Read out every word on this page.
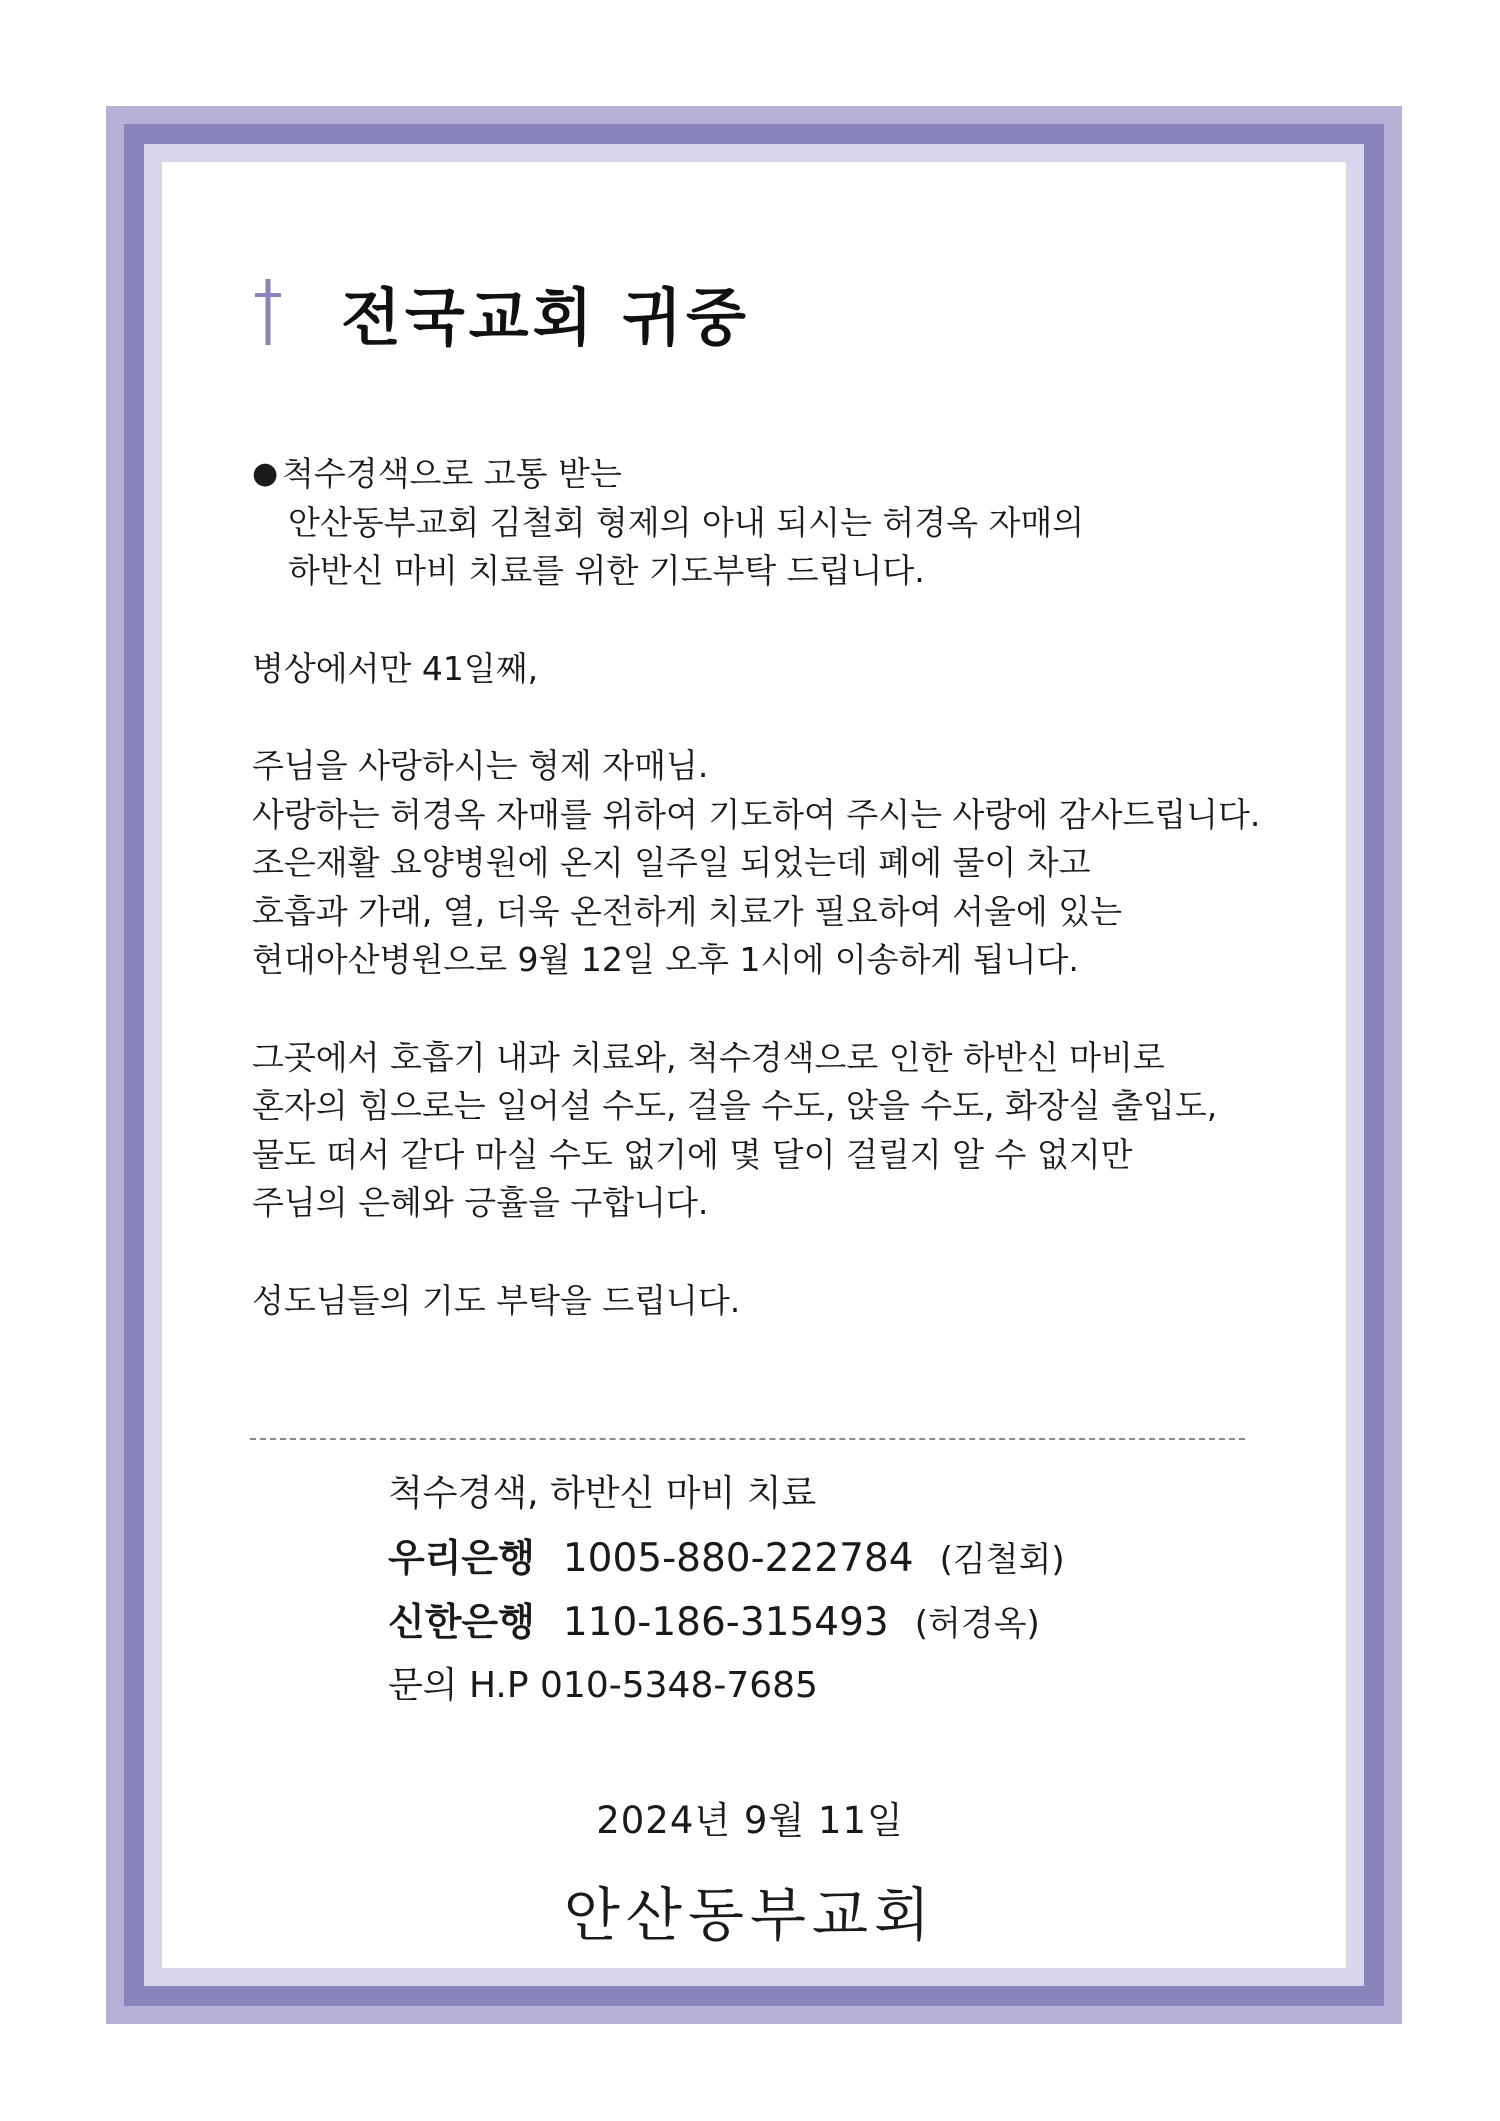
전국교회 귀중

● 척수경색으로 고통 받는

안산동부교회 김철회 형제의 아내 되시는 허경옥 자매의

하반신 마비 치료를 위한 기도부탁 드립니다.

병상에서만 41일째,

주님을 사랑하시는 형제 자매님.

사랑하는 허경옥 자매를 위하여 기도하여 주시는 사랑에 감사드립니다.

조은재활 요양병원에 온지 일주일 되었는데 폐에 물이 차고

호흡과 가래, 열, 더욱 온전하게 치료가 필요하여 서울에 있는

현대아산병원으로 9월 12일 오후 1시에 이송하게 됩니다.

그곳에서 호흡기 내과 치료와, 척수경색으로 인한 하반신 마비로

혼자의 힘으로는 일어설 수도, 걸을 수도, 앉을 수도, 화장실 출입도,

물도 떠서 같다 마실 수도 없기에 몇 달이 걸릴지 알 수 없지만

주님의 은혜와 긍휼을 구합니다.

성도님들의 기도 부탁을 드립니다.

척수경색, 하반신 마비 치료
우리은행 1005-880-222784 (김철회)
신한은행 110-186-315493 (허경옥)
문의 H.P 010-5348-7685
2024년 9월 11일
안산동부교회
